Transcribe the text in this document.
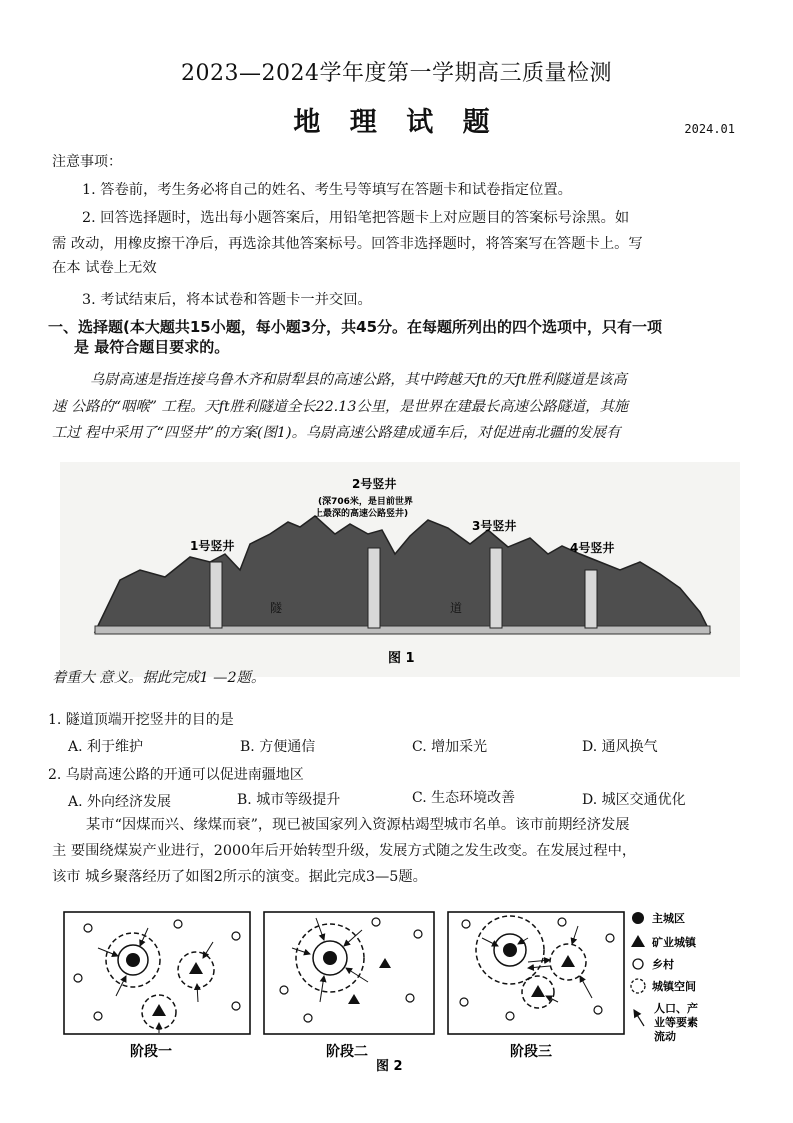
2023—2024学年度第一学期高三质量检测
地 理 试 题	2024.01
注意事项：
1. 答卷前，考生务必将自己的姓名、考生号等填写在答题卡和试卷指定位置。
2. 回答选择题时，选出每小题答案后，用铅笔把答题卡上对应题目的答案标号涂黑。如
需 改动，用橡皮擦干净后，再选涂其他答案标号。回答非选择题时，将答案写在答题卡上。写
在本 试卷上无效
3. 考试结束后，将本试卷和答题卡一并交回。
一、选择题(本大题共15小题，每小题3分，共45分。在每题所列出的四个选项中，只有一项
是 最符合题目要求的。
乌尉高速是指连接乌鲁木齐和尉犁县的高速公路，其中跨越天ft的天ft胜利隧道是该高
速 公路的“咽喉” 工程。天ft胜利隧道全长22.13公里，是世界在建最长高速公路隧道，其施
工过 程中采用了“四竖井”的方案(图1)。乌尉高速公路建成通车后，对促进南北疆的发展有
1号竖井
2号竖井
(深706米，是目前世界
上最深的高速公路竖井)
3号竖井
4号竖井
隧	道
图 1
着重大 意义。据此完成1 —2题。
1. 隧道顶端开挖竖井的目的是
A. 利于维护	B. 方便通信	C. 增加采光	D. 通风换气
2. 乌尉高速公路的开通可以促进南疆地区
A. 外向经济发展	B. 城市等级提升	C. 生态环境改善	D. 城区交通优化
某市“因煤而兴、缘煤而衰”，现已被国家列入资源枯竭型城市名单。该市前期经济发展
主 要围绕煤炭产业进行，2000年后开始转型升级，发展方式随之发生改变。在发展过程中，
该市 城乡聚落经历了如图2所示的演变。据此完成3—5题。
阶段一	阶段二	阶段三
主城区
矿业城镇
乡村
城镇空间
人口、产
业等要素
流动
图 2
